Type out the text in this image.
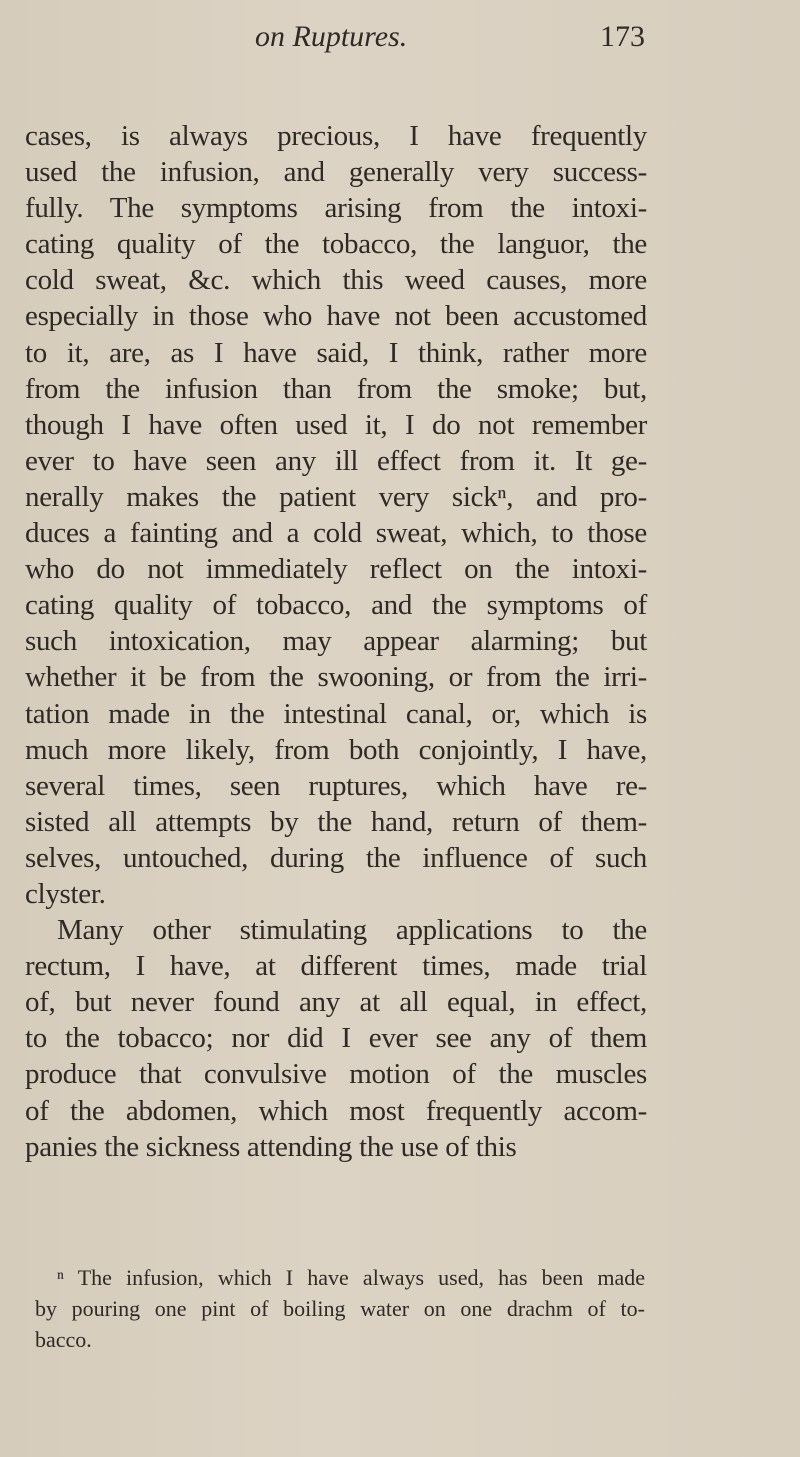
on Ruptures.	173
cases, is always precious, I have frequently
used the infusion, and generally very success-
fully. The symptoms arising from the intoxi-
cating quality of the tobacco, the languor, the
cold sweat, &c. which this weed causes, more
especially in those who have not been accustomed
to it, are, as I have said, I think, rather more
from the infusion than from the smoke; but,
though I have often used it, I do not remember
ever to have seen any ill effect from it. It ge-
nerally makes the patient very sickⁿ, and pro-
duces a fainting and a cold sweat, which, to those
who do not immediately reflect on the intoxi-
cating quality of tobacco, and the symptoms of
such intoxication, may appear alarming; but
whether it be from the swooning, or from the irri-
tation made in the intestinal canal, or, which is
much more likely, from both conjointly, I have,
several times, seen ruptures, which have re-
sisted all attempts by the hand, return of them-
selves, untouched, during the influence of such
clyster.
Many other stimulating applications to the
rectum, I have, at different times, made trial
of, but never found any at all equal, in effect,
to the tobacco; nor did I ever see any of them
produce that convulsive motion of the muscles
of the abdomen, which most frequently accom-
panies the sickness attending the use of this
ⁿ The infusion, which I have always used, has been made
by pouring one pint of boiling water on one drachm of to-
bacco.
